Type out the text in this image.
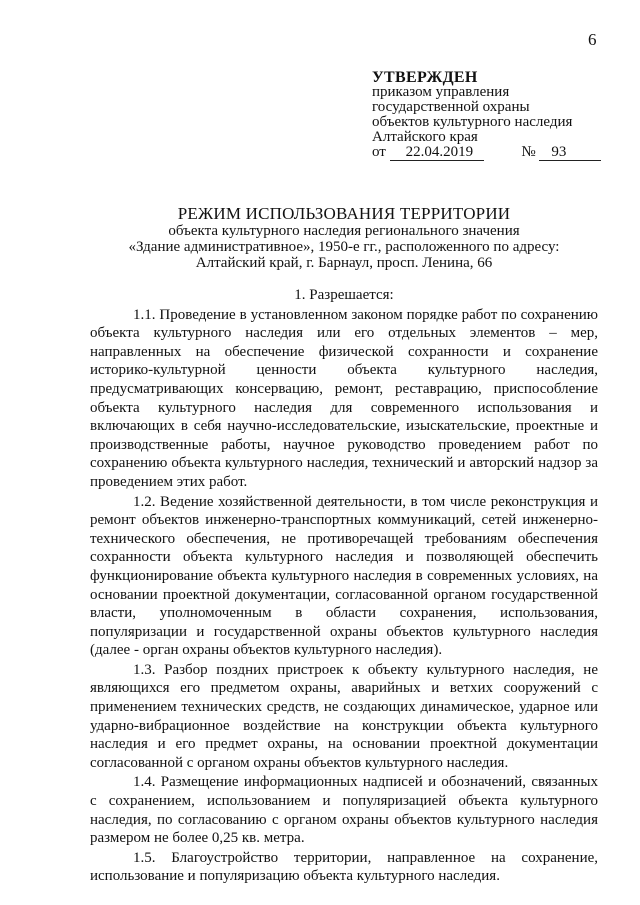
6
УТВЕРЖДЕН
приказом управления
государственной охраны
объектов культурного наследия
Алтайского края
от 22.04.2019	№ 93
РЕЖИМ ИСПОЛЬЗОВАНИЯ ТЕРРИТОРИИ
объекта культурного наследия регионального значения
«Здание административное», 1950-е гг., расположенного по адресу:
Алтайский край, г. Барнаул, просп. Ленина, 66
1. Разрешается:

1.1. Проведение в установленном законом порядке работ по сохранению объекта культурного наследия или его отдельных элементов – мер, направленных на обеспечение физической сохранности и сохранение историко-культурной ценности объекта культурного наследия, предусматривающих консервацию, ремонт, реставрацию, приспособление объекта культурного наследия для современного использования и включающих в себя научно-исследовательские, изыскательские, проектные и производственные работы, научное руководство проведением работ по сохранению объекта культурного наследия, технический и авторский надзор за проведением этих работ.

1.2. Ведение хозяйственной деятельности, в том числе реконструкция и ремонт объектов инженерно-транспортных коммуникаций, сетей инженерно-технического обеспечения, не противоречащей требованиям обеспечения сохранности объекта культурного наследия и позволяющей обеспечить функционирование объекта культурного наследия в современных условиях, на основании проектной документации, согласованной органом государственной власти, уполномоченным в области сохранения, использования, популяризации и государственной охраны объектов культурного наследия (далее - орган охраны объектов культурного наследия).

1.3. Разбор поздних пристроек к объекту культурного наследия, не являющихся его предметом охраны, аварийных и ветхих сооружений с применением технических средств, не создающих динамическое, ударное или ударно-вибрационное воздействие на конструкции объекта культурного наследия и его предмет охраны, на основании проектной документации согласованной с органом охраны объектов культурного наследия.

1.4. Размещение информационных надписей и обозначений, связанных с сохранением, использованием и популяризацией объекта культурного наследия, по согласованию с органом охраны объектов культурного наследия размером не более 0,25 кв. метра.

1.5. Благоустройство территории, направленное на сохранение, использование и популяризацию объекта культурного наследия.
